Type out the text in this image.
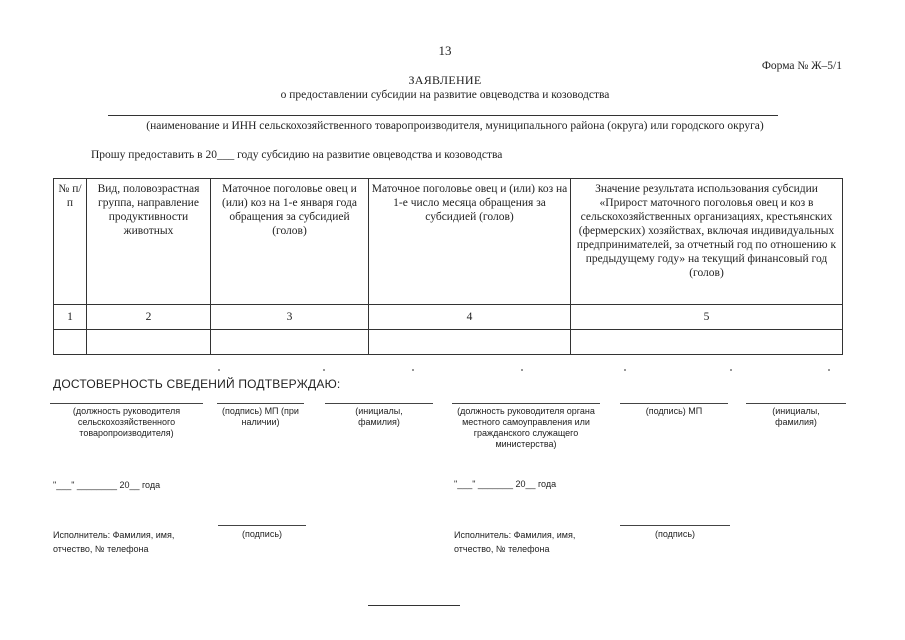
13
Форма № Ж–5/1
ЗАЯВЛЕНИЕ
о предоставлении субсидии на развитие овцеводства и козоводства
(наименование и ИНН сельскохозяйственного товаропроизводителя, муниципального района (округа) или городского округа)
Прошу предоставить в 20___ году субсидию на развитие овцеводства и козоводства
№ п/п	Вид, половозрастная группа, направление продуктивности животных	Маточное поголовье овец и (или) коз на 1-е января года обращения за субсидией (голов)	Маточное поголовье овец и (или) коз на 1-е число месяца обращения за субсидией (голов)	Значение результата использования субсидии «Прирост маточного поголовья овец и коз в сельскохозяйственных организациях, крестьянских (фермерских) хозяйствах, включая индивидуальных предпринимателей, за отчетный год по отношению к предыдущему году» на текущий финансовый год (голов)
1	2	3	4	5

ДОСТОВЕРНОСТЬ СВЕДЕНИЙ ПОДТВЕРЖДАЮ:
(должность руководителя сельскохозяйственного товаропроизводителя)
(подпись) МП (при наличии)
(инициалы, фамилия)
(должность руководителя органа местного самоуправления или гражданского служащего министерства)
(подпись) МП	(инициалы, фамилия)
"___" ________ 20__ года	"___" _______ 20__ года
Исполнитель: Фамилия, имя, отчество, № телефона
(подпись)	Исполнитель: Фамилия, имя, отчество, № телефона
(подпись)
